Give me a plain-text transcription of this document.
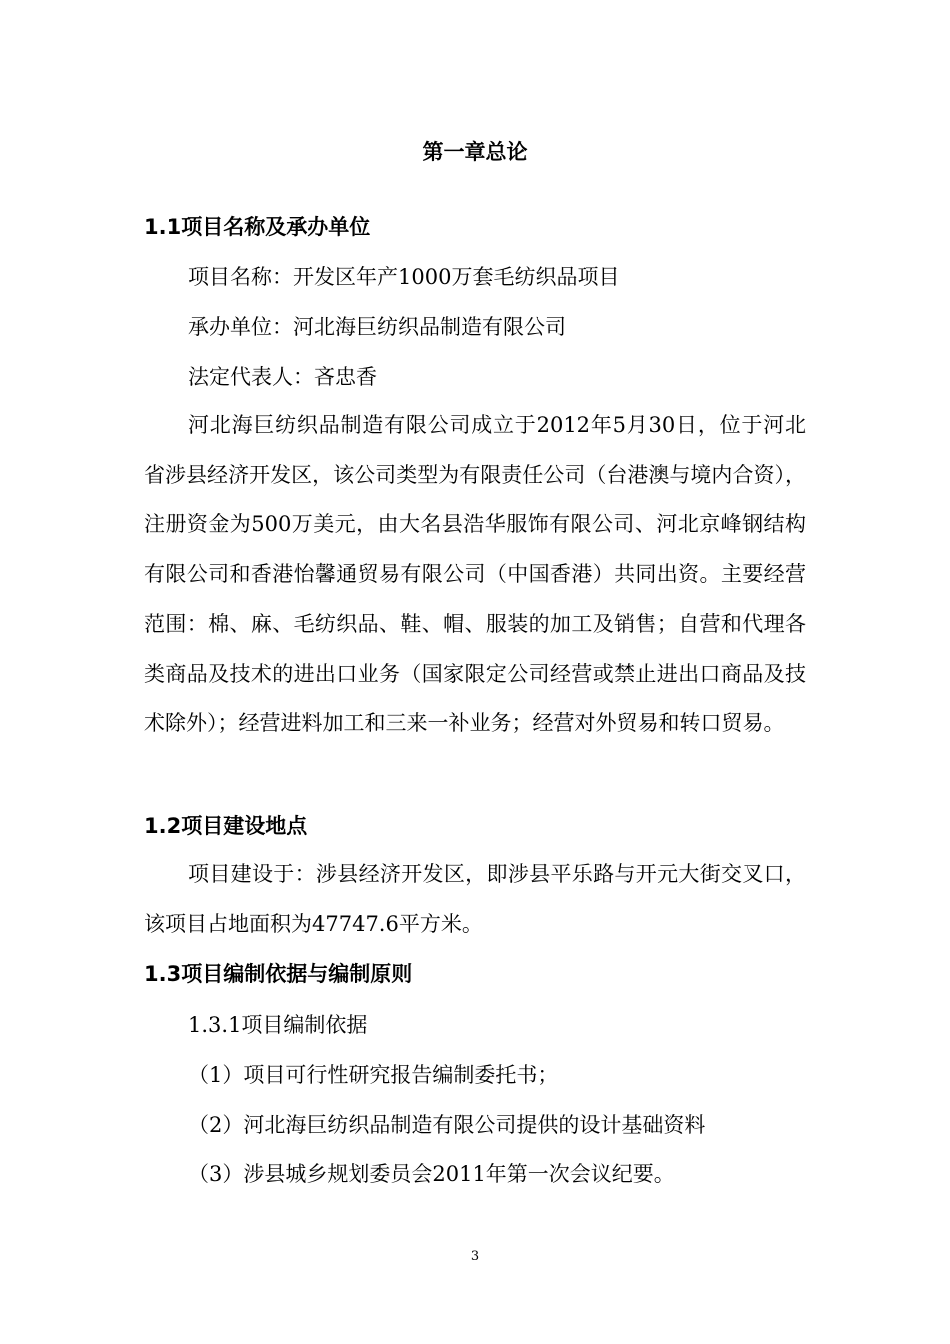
第一章总论
1.1项目名称及承办单位
项目名称：开发区年产1000万套毛纺织品项目
承办单位：河北海巨纺织品制造有限公司
法定代表人：吝忠香

河北海巨纺织品制造有限公司成立于2012年5月30日，位于河北省涉县经济开发区，该公司类型为有限责任公司（台港澳与境内合资），注册资金为500万美元，由大名县浩华服饰有限公司、河北京峰钢结构有限公司和香港怡馨通贸易有限公司（中国香港）共同出资。主要经营范围：棉、麻、毛纺织品、鞋、帽、服装的加工及销售；自营和代理各类商品及技术的进出口业务（国家限定公司经营或禁止进出口商品及技术除外）；经营进料加工和三来一补业务；经营对外贸易和转口贸易。

1.2项目建设地点

项目建设于：涉县经济开发区，即涉县平乐路与开元大街交叉口，该项目占地面积为47747.6平方米。

1.3项目编制依据与编制原则
1.3.1项目编制依据
（1）项目可行性研究报告编制委托书；
（2）河北海巨纺织品制造有限公司提供的设计基础资料
（3）涉县城乡规划委员会2011年第一次会议纪要。
3
